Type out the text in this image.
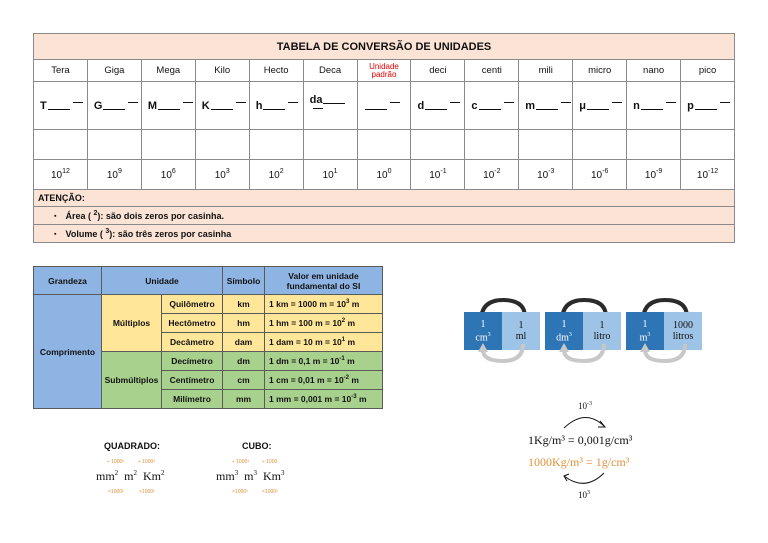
TABELA DE CONVERSÃO DE UNIDADES												
Tera	Giga	Mega	Kilo	Hecto	Deca	Unidade padrão	deci	centi	mili	micro	nano	pico
T	G	M	K	h	da		d	c	m	μ	n	p

$10^{12}$	$10^9$	$10^6$	$10^3$	$10^2$	$10^1$	$10^0$	$10^{-1}$	$10^{-2}$	$10^{-3}$	$10^{-6}$	$10^{-9}$	$10^{-12}$
ATENÇÃO:												
▪ Área ( $^2$): são dois zeros por casinha.												
▪ Volume ( $^3$): são três zeros por casinha												
Grandeza	Unidade		Símbolo	Valor em unidade fundamental do SI
Comprimento	Múltiplos	Quilômetro	km	1 km = 1000 $m = 10^3$ m
		Hectômetro	hm	1 hm = 100 $m = 10^2$ m
		Decâmetro	dam	1 dam = 10 $m = 10^1$ m
	Submúltiplos	Decímetro	dm	1 dm = 0,1 $m = 10^{-1}$ m
		Centímetro	cm	1 cm = 0,01 $m = 10^{-2}$ m
		Milímetro	mm	1 mm = 0,001 $m = 10^{-3}$ m
1
$cm^3$
1
ml
1
$dm^3$
1
litro
1
$m^3$
1000
litros
$10^{-3}$
1Kg/m³ = 0,001g/cm³
1000Kg/m³ = 1g/cm³
$10^3$
QUADRADO:
÷ 1000²	÷ 1000²
$mm^2$ $m^2$ $Km^2$
×1000²	×1000²
CUBO:
÷ 1000³	÷ 1000
$mm^3$ $m^3$ $Km^3$
×1000³	×1000³
